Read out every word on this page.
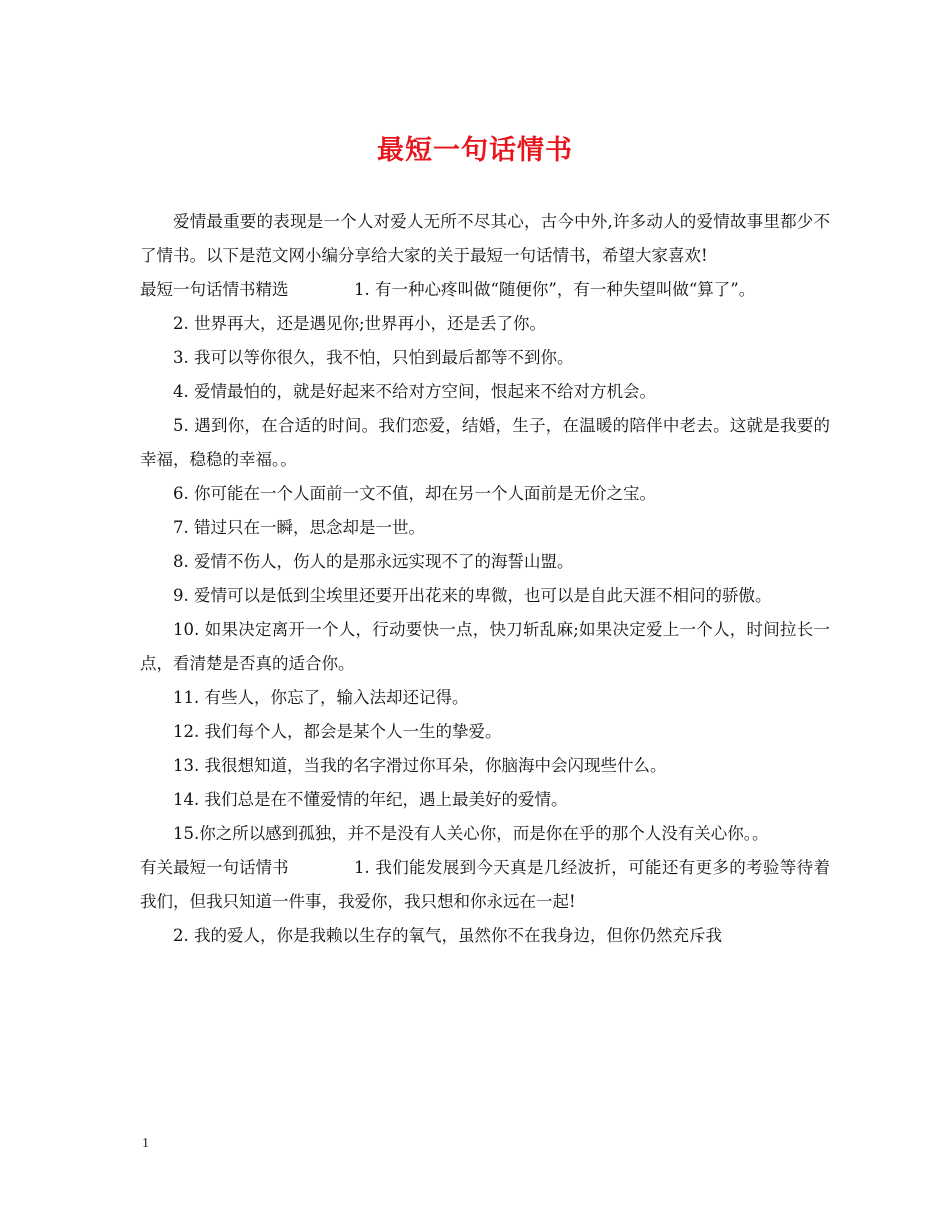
最短一句话情书

爱情最重要的表现是一个人对爱人无所不尽其心，古今中外,许多动人的爱情故事里都少不了情书。以下是范文网小编分享给大家的关于最短一句话情书，希望大家喜欢!

最短一句话情书精选	1. 有一种心疼叫做“随便你”，有一种失望叫做“算了”。

2. 世界再大，还是遇见你;世界再小，还是丢了你。

3. 我可以等你很久，我不怕，只怕到最后都等不到你。

4. 爱情最怕的，就是好起来不给对方空间，恨起来不给对方机会。

5. 遇到你，在合适的时间。我们恋爱，结婚，生子，在温暖的陪伴中老去。这就是我要的幸福，稳稳的幸福。。

6. 你可能在一个人面前一文不值，却在另一个人面前是无价之宝。

7. 错过只在一瞬，思念却是一世。

8. 爱情不伤人，伤人的是那永远实现不了的海誓山盟。

9. 爱情可以是低到尘埃里还要开出花来的卑微，也可以是自此天涯不相问的骄傲。

10. 如果决定离开一个人，行动要快一点，快刀斩乱麻;如果决定爱上一个人，时间拉长一点，看清楚是否真的适合你。

11. 有些人，你忘了，输入法却还记得。

12. 我们每个人，都会是某个人一生的挚爱。

13. 我很想知道，当我的名字滑过你耳朵，你脑海中会闪现些什么。

14. 我们总是在不懂爱情的年纪，遇上最美好的爱情。

15.你之所以感到孤独，并不是没有人关心你，而是你在乎的那个人没有关心你。。

有关最短一句话情书	1. 我们能发展到今天真是几经波折，可能还有更多的考验等待着我们，但我只知道一件事，我爱你，我只想和你永远在一起!

2. 我的爱人，你是我赖以生存的氧气，虽然你不在我身边，但你仍然充斥我

1
